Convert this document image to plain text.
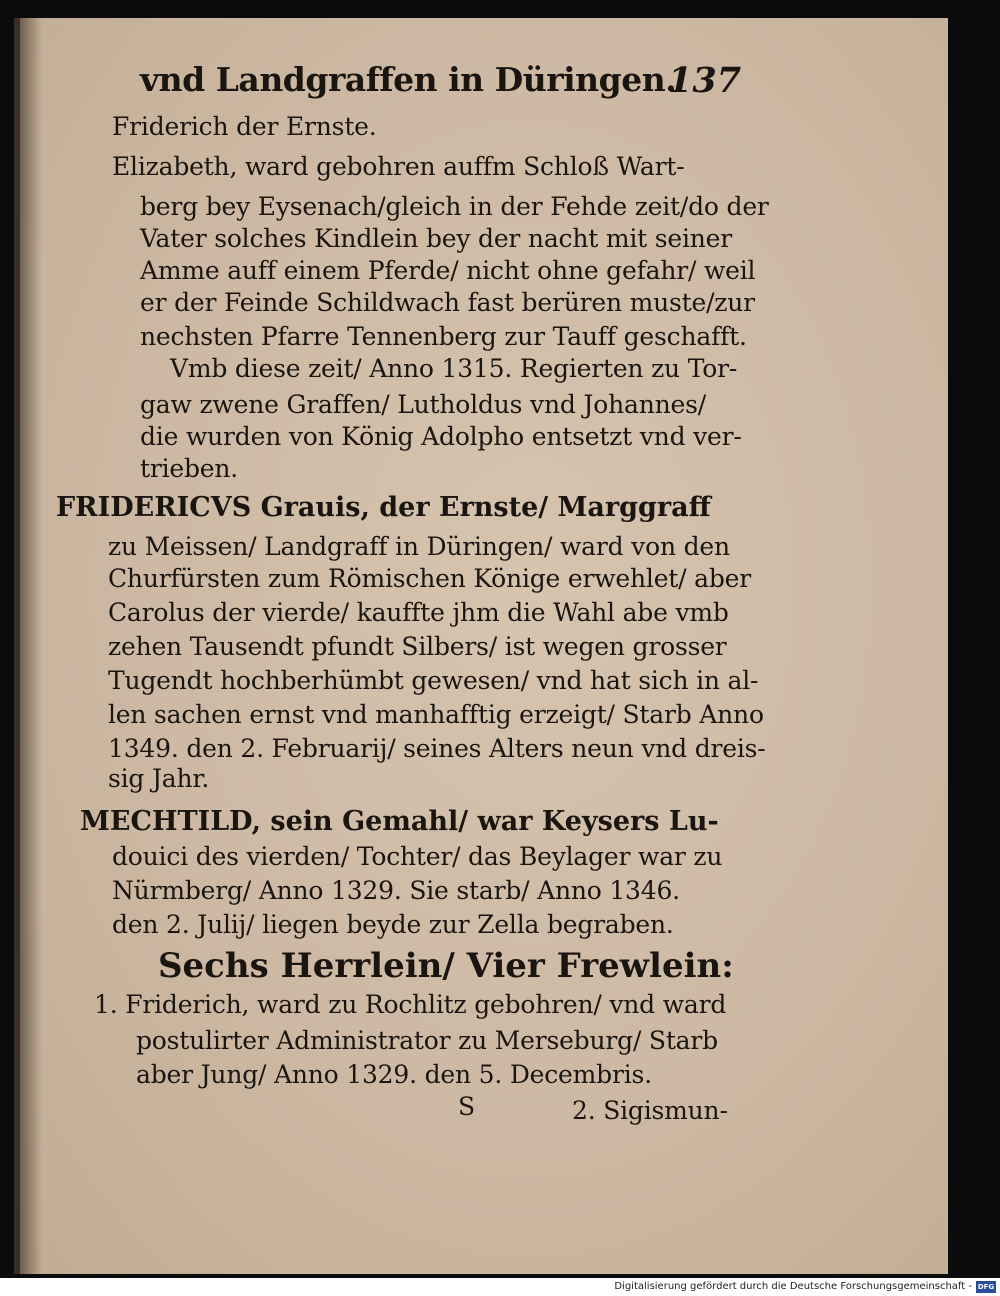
vnd Landgraffen in Düringen.
137
Friderich der Ernste.
Elizabeth, ward gebohren auffm Schloß Wart-
berg bey Eysenach/gleich in der Fehde zeit/do der
Vater solches Kindlein bey der nacht mit seiner
Amme auff einem Pferde/ nicht ohne gefahr/ weil
er der Feinde Schildwach fast berüren muste/zur
nechsten Pfarre Tennenberg zur Tauff geschafft.
Vmb diese zeit/ Anno 1315. Regierten zu Tor-
gaw zwene Graffen/ Lutholdus vnd Johannes/
die wurden von König Adolpho entsetzt vnd ver-
trieben.
FRIDERICVS Grauis, der Ernste/ Marggraff
zu Meissen/ Landgraff in Düringen/ ward von den
Churfürsten zum Römischen Könige erwehlet/ aber
Carolus der vierde/ kauffte jhm die Wahl abe vmb
zehen Tausendt pfundt Silbers/ ist wegen grosser
Tugendt hochberhümbt gewesen/ vnd hat sich in al-
len sachen ernst vnd manhafftig erzeigt/ Starb Anno
1349. den 2. Februarij/ seines Alters neun vnd dreis-
sig Jahr.
MECHTILD, sein Gemahl/ war Keysers Lu-
douici des vierden/ Tochter/ das Beylager war zu
Nürmberg/ Anno 1329. Sie starb/ Anno 1346.
den 2. Julij/ liegen beyde zur Zella begraben.
Sechs Herrlein/ Vier Frewlein:
1. Friderich, ward zu Rochlitz gebohren/ vnd ward
postulirter Administrator zu Merseburg/ Starb
aber Jung/ Anno 1329. den 5. Decembris.
S	2. Sigismun-
Digitalisierung gefördert durch die Deutsche Forschungsgemeinschaft - DFG
